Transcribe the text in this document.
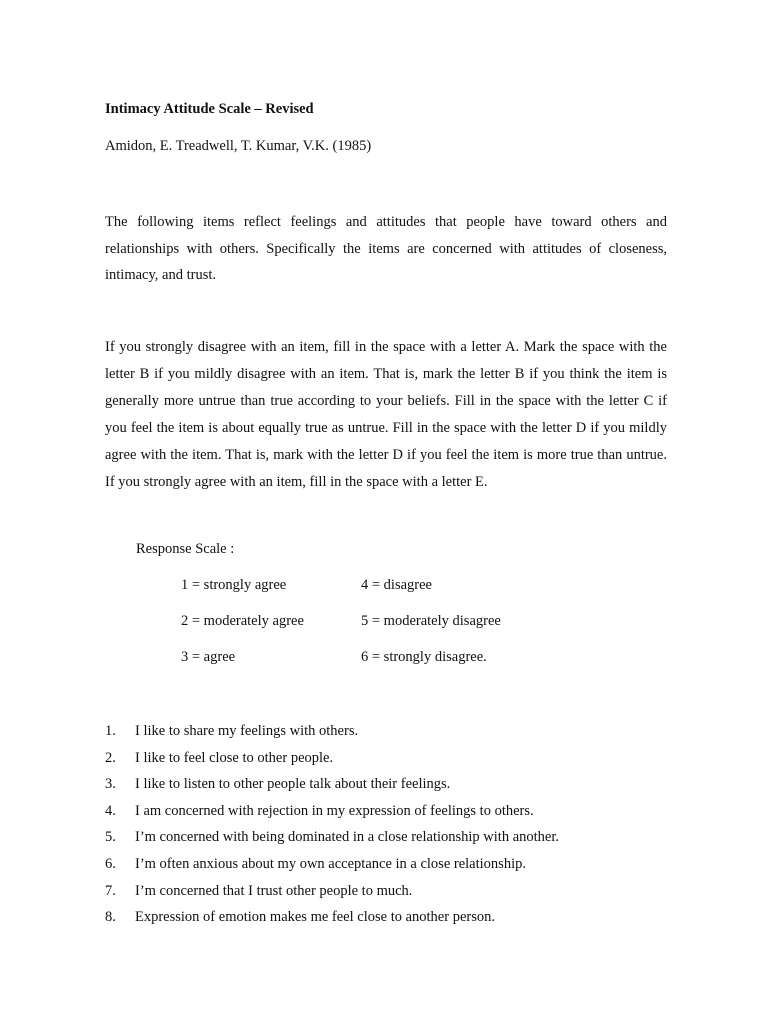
Intimacy Attitude Scale – Revised
Amidon, E. Treadwell, T. Kumar, V.K. (1985)

The following items reflect feelings and attitudes that people have toward others and relationships with others. Specifically the items are concerned with attitudes of closeness, intimacy, and trust.

If you strongly disagree with an item, fill in the space with a letter A. Mark the space with the letter B if you mildly disagree with an item. That is, mark the letter B if you think the item is generally more untrue than true according to your beliefs. Fill in the space with the letter C if you feel the item is about equally true as untrue. Fill in the space with the letter D if you mildly agree with the item. That is, mark with the letter D if you feel the item is more true than untrue. If you strongly agree with an item, fill in the space with a letter E.

Response Scale :
1 = strongly agree
2 = moderately agree
3 = agree
4 = disagree
5 = moderately disagree
6 = strongly disagree.
1. I like to share my feelings with others.
2. I like to feel close to other people.
3. I like to listen to other people talk about their feelings.
4. I am concerned with rejection in my expression of feelings to others.
5. I’m concerned with being dominated in a close relationship with another.
6. I’m often anxious about my own acceptance in a close relationship.
7. I’m concerned that I trust other people to much.
8. Expression of emotion makes me feel close to another person.
